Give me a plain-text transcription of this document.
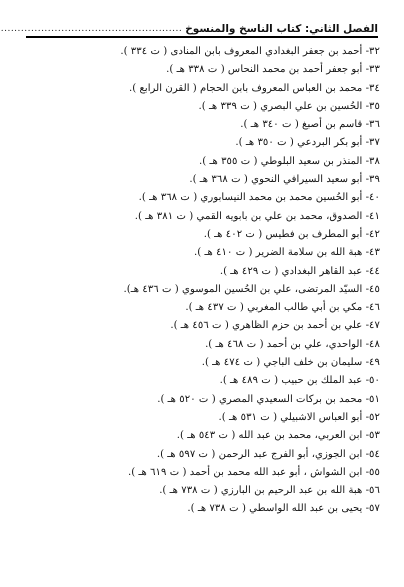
الفصل الثاني: كتاب الناسخ والمنسوخ
......................................................
٣٢- أحمد بن جعفر البغدادي المعروف بابن المنادى ( ت ٣٣٤ ).
٣٣- أبو جعفر أحمد بن محمد النحاس ( ت ٣٣٨ هـ ).
٣٤- محمد بن العباس المعروف بابن الحجام ( القرن الرابع ).
٣٥- الحُسين بن علي البصري ( ت ٣٣٩ هـ ).
٣٦- قاسم بن أصبغ ( ت ٣٤٠ هـ ).
٣٧- أبو بكر البردعي ( ت ٣٥٠ هـ ).
٣٨- المنذر بن سعيد البلوطي ( ت ٣٥٥ هـ ).
٣٩- أبو سعيد السيرافي النحوي ( ت ٣٦٨ هـ ).
٤٠- أبو الحُسين محمد بن محمد النيسابوري ( ت ٣٦٨ هـ ).
٤١- الصدوق، محمد بن علي بن بابويه القمي ( ت ٣٨١ هـ ).
٤٢- أبو المطرف بن فطيس ( ت ٤٠٢ هـ ).
٤٣- هبة الله بن سلامة الضرير ( ت ٤١٠ هـ ).
٤٤- عبد القاهر البغدادي ( ت ٤٢٩ هـ ).
٤٥- السيّد المرتضى، علي بن الحُسين الموسوي ( ت ٤٣٦ هـ).
٤٦- مكي بن أبي طالب المغربي ( ت ٤٣٧ هـ ).
٤٧- علي بن أحمد بن حزم الظاهري ( ت ٤٥٦ هـ ).
٤٨- الواحدي، علي بن أحمد ( ت ٤٦٨ هـ ).
٤٩- سليمان بن خلف الباجي ( ت ٤٧٤ هـ ).
٥٠- عبد الملك بن حبيب ( ت ٤٨٩ هـ ).
٥١- محمد بن بركات السعيدي المصري ( ت ٥٢٠ هـ ).
٥٢- أبو العباس الاشبيلي ( ت ٥٣١ هـ ).
٥٣- ابن العربي، محمد بن عبد الله ( ت ٥٤٣ هـ ).
٥٤- ابن الجوزي، أبو الفرج عبد الرحمن ( ت ٥٩٧ هـ ).
٥٥- ابن الشواش ، أبو عبد الله محمد بن أحمد ( ت ٦١٩ هـ ).
٥٦- هبة الله بن عبد الرحيم بن البارزي ( ت ٧٣٨ هـ ).
٥٧- يحيى بن عبد الله الواسطي ( ت ٧٣٨ هـ ).
